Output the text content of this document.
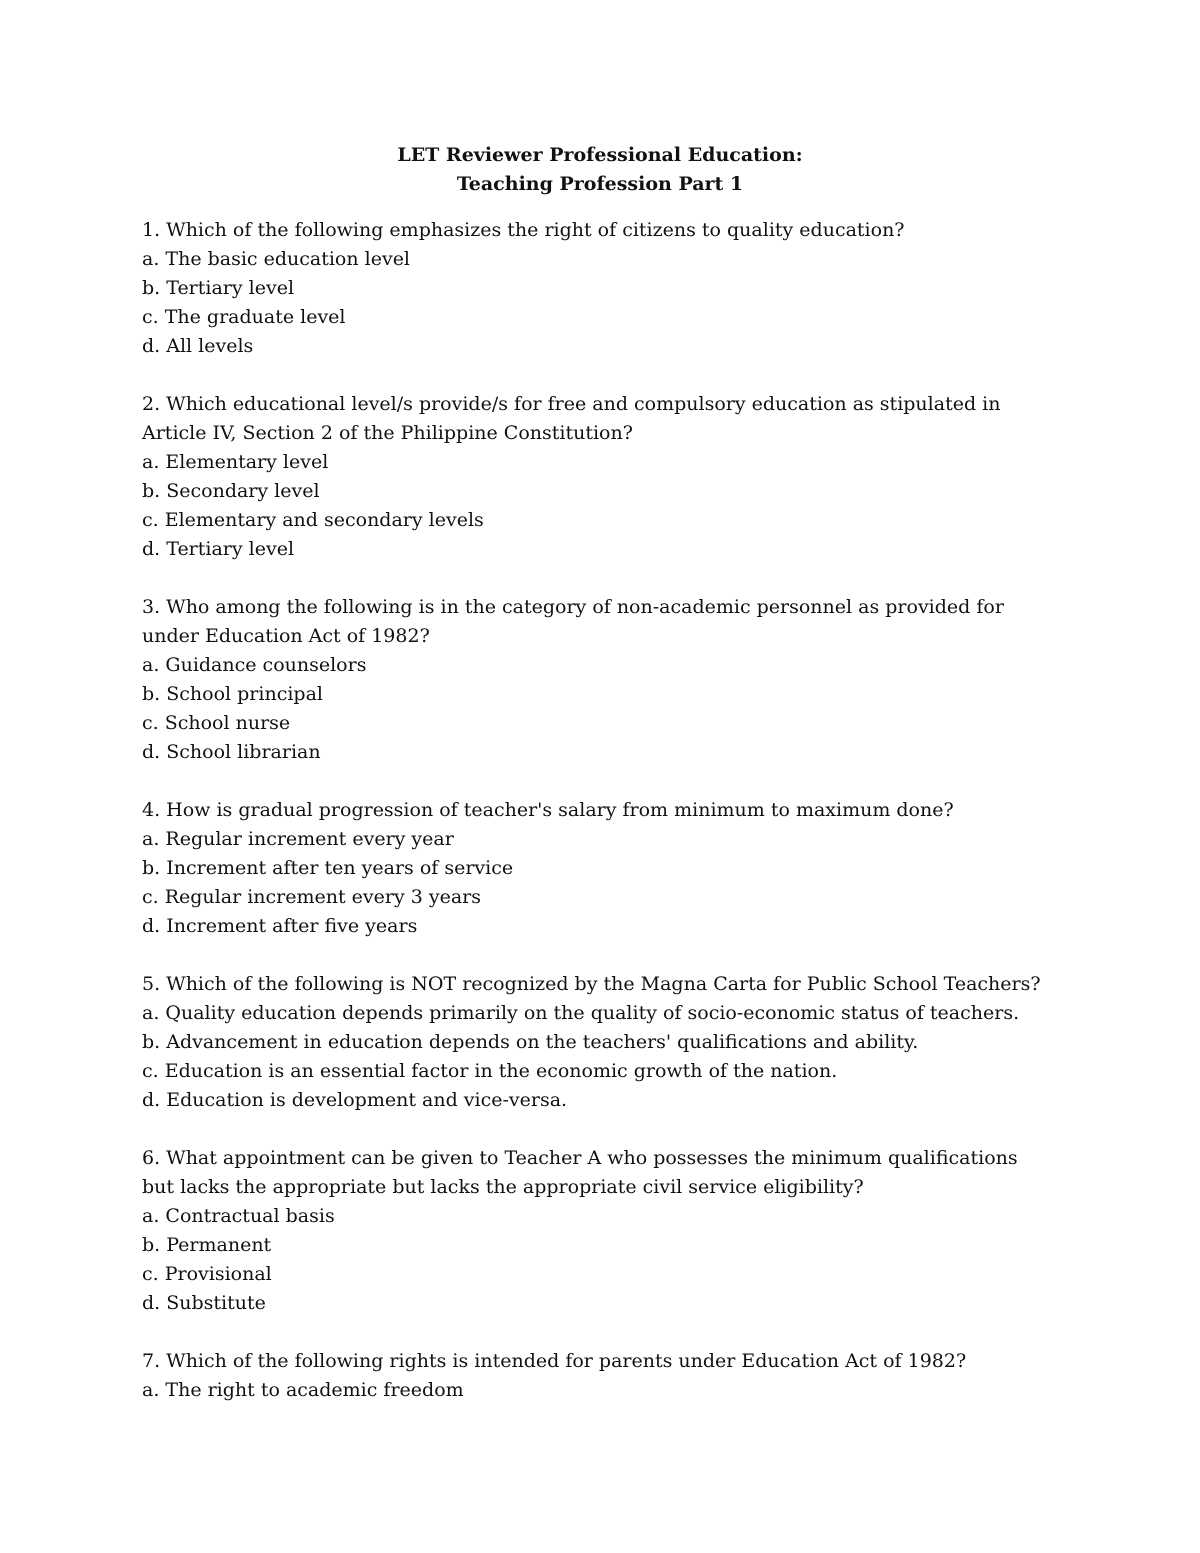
LET Reviewer Professional Education:
Teaching Profession Part 1
1. Which of the following emphasizes the right of citizens to quality education?
a. The basic education level
b. Tertiary level
c. The graduate level
d. All levels
2. Which educational level/s provide/s for free and compulsory education as stipulated in Article IV, Section 2 of the Philippine Constitution?
a. Elementary level
b. Secondary level
c. Elementary and secondary levels
d. Tertiary level
3. Who among the following is in the category of non-academic personnel as provided for under Education Act of 1982?
a. Guidance counselors
b. School principal
c. School nurse
d. School librarian
4. How is gradual progression of teacher's salary from minimum to maximum done?
a. Regular increment every year
b. Increment after ten years of service
c. Regular increment every 3 years
d. Increment after five years
5. Which of the following is NOT recognized by the Magna Carta for Public School Teachers?
a. Quality education depends primarily on the quality of socio-economic status of teachers.
b. Advancement in education depends on the teachers' qualifications and ability.
c. Education is an essential factor in the economic growth of the nation.
d. Education is development and vice-versa.
6. What appointment can be given to Teacher A who possesses the minimum qualifications but lacks the appropriate but lacks the appropriate civil service eligibility?
a. Contractual basis
b. Permanent
c. Provisional
d. Substitute
7. Which of the following rights is intended for parents under Education Act of 1982?
a. The right to academic freedom
